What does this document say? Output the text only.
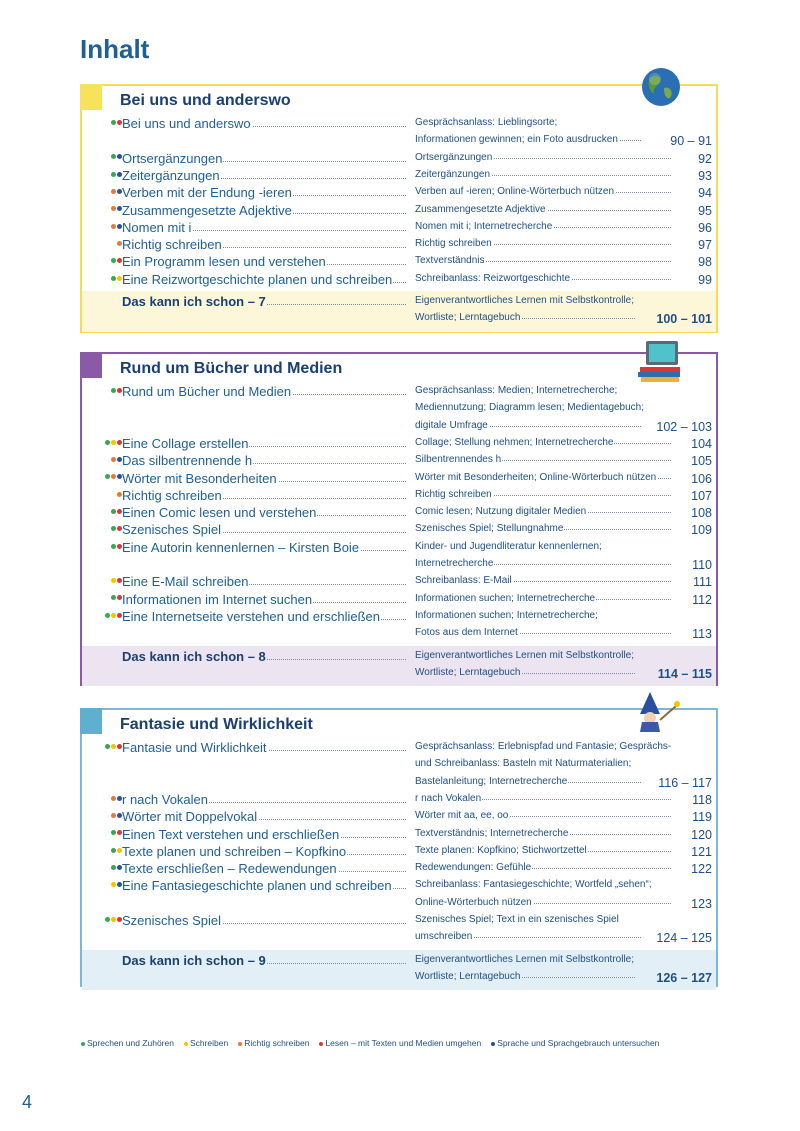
Inhalt
Bei uns und anderswo
Bei uns und anderswo	Gesprächsanlass: Lieblingsorte;
Informationen gewinnen; ein Foto ausdrucken	90 – 91
Ortsergänzungen	Ortsergänzungen	92
Zeitergänzungen	Zeitergänzungen	93
Verben mit der Endung -ieren	Verben auf -ieren; Online-Wörterbuch nützen	94
Zusammengesetzte Adjektive	Zusammengesetzte Adjektive	95
Nomen mit i	Nomen mit i; Internetrecherche	96
Richtig schreiben	Richtig schreiben	97
Ein Programm lesen und verstehen	Textverständnis	98
Eine Reizwortgeschichte planen und schreiben	Schreibanlass: Reizwortgeschichte	99
Das kann ich schon – 7	Eigenverantwortliches Lernen mit Selbstkontrolle;
Wortliste; Lerntagebuch	100 – 101
Rund um Bücher und Medien
Rund um Bücher und Medien	Gesprächsanlass: Medien; Internetrecherche;
Mediennutzung; Diagramm lesen; Medientagebuch;
digitale Umfrage	102 – 103
Eine Collage erstellen	Collage; Stellung nehmen; Internetrecherche	104
Das silbentrennende h	Silbentrennendes h	105
Wörter mit Besonderheiten	Wörter mit Besonderheiten; Online-Wörterbuch nützen	106
Richtig schreiben	Richtig schreiben	107
Einen Comic lesen und verstehen	Comic lesen; Nutzung digitaler Medien	108
Szenisches Spiel	Szenisches Spiel; Stellungnahme	109
Eine Autorin kennenlernen – Kirsten Boie	Kinder- und Jugendliteratur kennenlernen;
Internetrecherche	110
Eine E-Mail schreiben	Schreibanlass: E-Mail	111
Informationen im Internet suchen	Informationen suchen; Internetrecherche	112
Eine Internetseite verstehen und erschließen	Informationen suchen; Internetrecherche;
Fotos aus dem Internet	113
Das kann ich schon – 8	Eigenverantwortliches Lernen mit Selbstkontrolle;
Wortliste; Lerntagebuch	114 – 115
Fantasie und Wirklichkeit
Fantasie und Wirklichkeit	Gesprächsanlass: Erlebnispfad und Fantasie; Gesprächs-
und Schreibanlass: Basteln mit Naturmaterialien;
Bastelanleitung; Internetrecherche	116 – 117
r nach Vokalen	r nach Vokalen	118
Wörter mit Doppelvokal	Wörter mit aa, ee, oo	119
Einen Text verstehen und erschließen	Textverständnis; Internetrecherche	120
Texte planen und schreiben – Kopfkino	Texte planen: Kopfkino; Stichwortzettel	121
Texte erschließen – Redewendungen	Redewendungen: Gefühle	122
Eine Fantasiegeschichte planen und schreiben	Schreibanlass: Fantasiegeschichte; Wortfeld „sehen“;
Online-Wörterbuch nützen	123
Szenisches Spiel	Szenisches Spiel; Text in ein szenisches Spiel
umschreiben	124 – 125
Das kann ich schon – 9	Eigenverantwortliches Lernen mit Selbstkontrolle;
Wortliste; Lerntagebuch	126 – 127
Sprechen und Zuhören Schreiben Richtig schreiben Lesen – mit Texten und Medien umgehen Sprache und Sprachgebrauch untersuchen
4
